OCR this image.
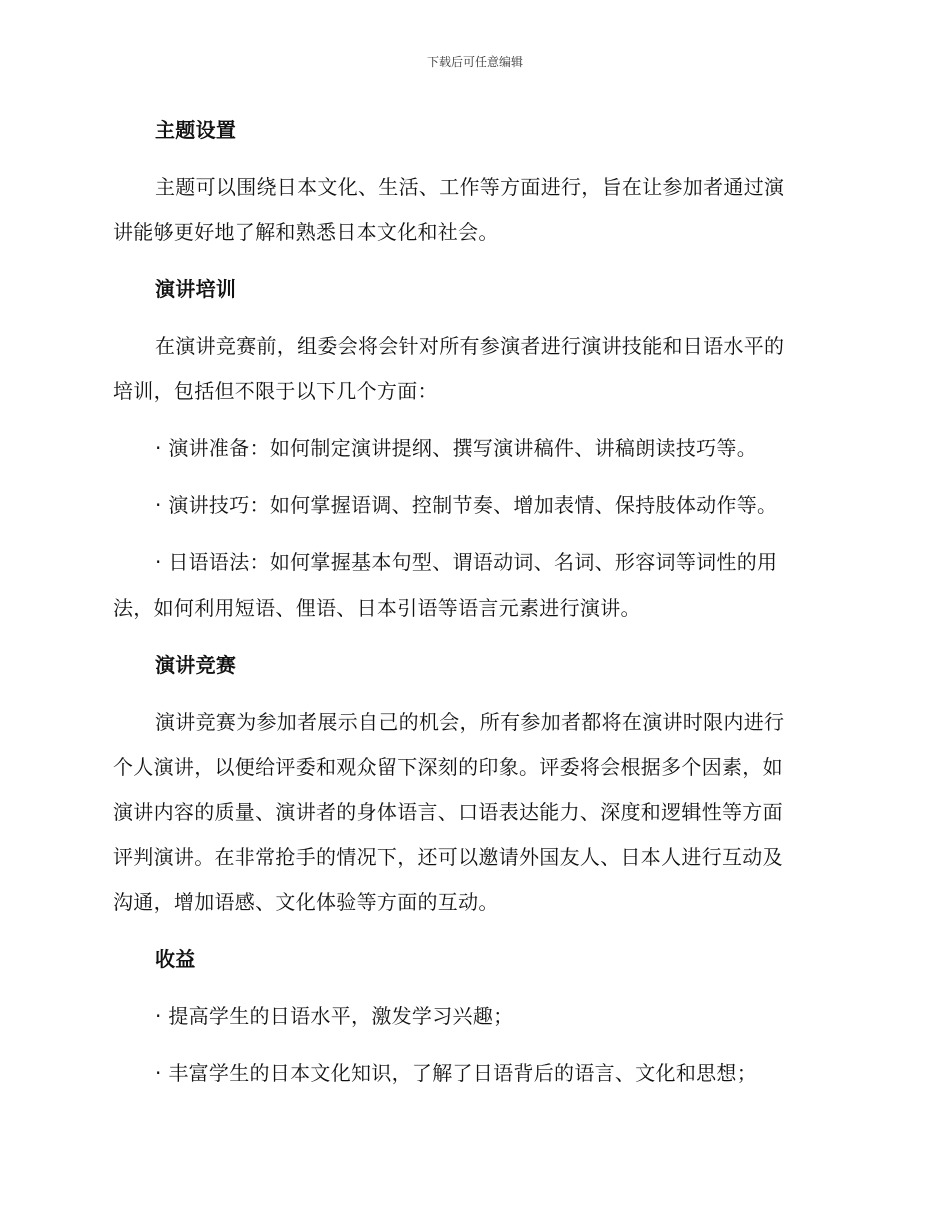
下载后可任意编辑
主题设置
主题可以围绕日本文化、生活、工作等方面进行，旨在让参加者通过演
讲能够更好地了解和熟悉日本文化和社会。
演讲培训
在演讲竞赛前，组委会将会针对所有参演者进行演讲技能和日语水平的
培训，包括但不限于以下几个方面：
· 演讲准备：如何制定演讲提纲、撰写演讲稿件、讲稿朗读技巧等。
· 演讲技巧：如何掌握语调、控制节奏、增加表情、保持肢体动作等。
· 日语语法：如何掌握基本句型、谓语动词、名词、形容词等词性的用
法，如何利用短语、俚语、日本引语等语言元素进行演讲。
演讲竞赛
演讲竞赛为参加者展示自己的机会，所有参加者都将在演讲时限内进行
个人演讲，以便给评委和观众留下深刻的印象。评委将会根据多个因素，如
演讲内容的质量、演讲者的身体语言、口语表达能力、深度和逻辑性等方面
评判演讲。在非常抢手的情况下，还可以邀请外国友人、日本人进行互动及
沟通，增加语感、文化体验等方面的互动。
收益
· 提高学生的日语水平，激发学习兴趣；
· 丰富学生的日本文化知识，了解了日语背后的语言、文化和思想；
